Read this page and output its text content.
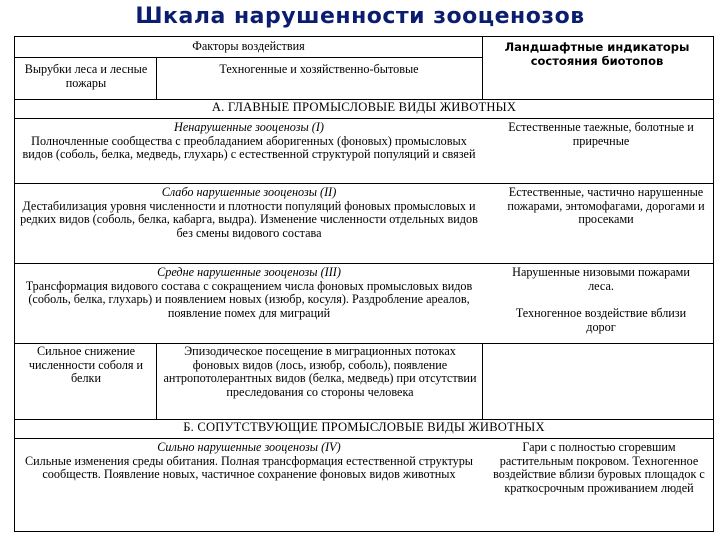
Шкала нарушенности зооценозов
Факторы воздействия
Вырубки леса и лесные пожары
Техногенные и хозяйственно-бытовые
Ландшафтные индикаторы состояния биотопов
А. ГЛАВНЫЕ ПРОМЫСЛОВЫЕ ВИДЫ ЖИВОТНЫХ
Ненарушенные зооценозы (I)
Полночленные сообщества с преобладанием аборигенных (фоновых) промысловых видов (соболь, белка, медведь, глухарь) с естественной структурой популяций и связей
Естественные таежные, болотные и приречные
Слабо нарушенные зооценозы (II)
Дестабилизация уровня численности и плотности популяций фоновых промысловых и редких видов (соболь, белка, кабарга, выдра). Изменение численности отдельных видов без смены видового состава
Естественные, частично нарушенные пожарами, энтомофагами, дорогами и просеками
Средне нарушенные зооценозы (III)
Трансформация видового состава с сокращением числа фоновых промысловых видов (соболь, белка, глухарь) и появлением новых (изюбр, косуля). Раздробление ареалов, появление помех для миграций
Нарушенные низовыми пожарами леса.
Техногенное воздействие вблизи дорог
Сильное снижение численности соболя и белки
Эпизодическое посещение в миграционных потоках фоновых видов (лось, изюбр, соболь), появление антропотолерантных видов (белка, медведь) при отсутствии преследования со стороны человека
Б. СОПУТСТВУЮЩИЕ ПРОМЫСЛОВЫЕ ВИДЫ ЖИВОТНЫХ
Сильно нарушенные зооценозы (IV)
Сильные изменения среды обитания. Полная трансформация естественной структуры сообществ. Появление новых, частичное сохранение фоновых видов животных
Гари с полностью сгоревшим растительным покровом. Техногенное воздействие вблизи буровых площадок с краткосрочным проживанием людей
